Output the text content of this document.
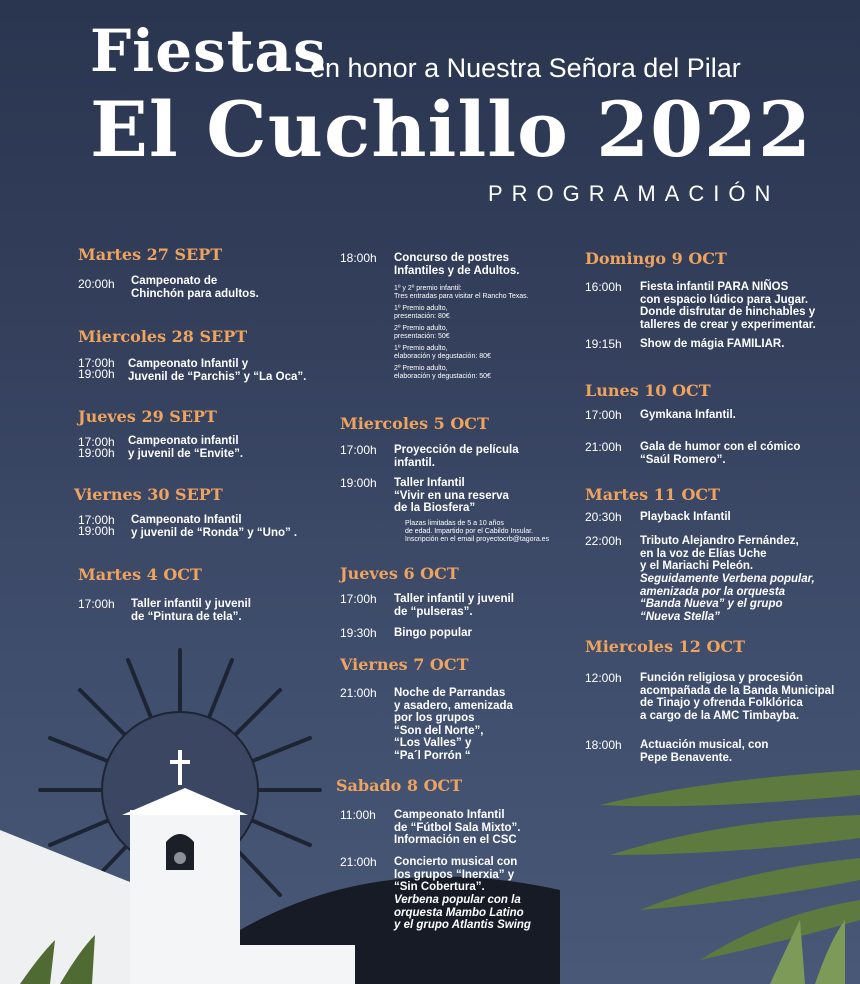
Fiestas
en honor a Nuestra Señora del Pilar
El Cuchillo 2022
PROGRAMACIÓN
Martes 27 SEPT
20:00h Campeonato de
Chinchón para adultos.
Miercoles 28 SEPT
17:00h
19:00h
Campeonato Infantil y
Juvenil de “Parchis” y “La Oca”.
Jueves 29 SEPT
17:00h
19:00h
Campeonato infantil
y juvenil de “Envite”.
Viernes 30 SEPT
17:00h
19:00h
Campeonato Infantil
y juvenil de “Ronda” y “Uno” .
Martes 4 OCT
17:00h Taller infantil y juvenil
de “Pintura de tela”.
18:00h Concurso de postres
Infantiles y de Adultos.
1º y 2º premio infantil:
Tres entradas para visitar el Rancho Texas.
1º Premio adulto,
presentación: 80€
2º Premio adulto,
presentación: 50€
1º Premio adulto,
elaboración y degustación: 80€
2º Premio adulto,
elaboración y degustación: 50€
Miercoles 5 OCT
17:00h Proyección de película
infantil.
19:00h Taller Infantil
“Vivir en una reserva
de la Biosfera”
Plazas limitadas de 5 a 10 años
de edad. Impartido por el Cabildo Insular.
Inscripción en el email proyectocrb@tagora.es
Jueves 6 OCT
17:00h Taller infantil y juvenil
de “pulseras”.
19:30h Bingo popular
Viernes 7 OCT
21:00h Noche de Parrandas
y asadero, amenizada
por los grupos
“Son del Norte”,
“Los Valles” y
“Pa´l Porrón “
Sabado 8 OCT
11:00h Campeonato Infantil
de “Fútbol Sala Mixto”.
Información en el CSC
21:00h Concierto musical con
los grupos “Inerxia” y
“Sin Cobertura”.
Verbena popular con la
orquesta Mambo Latino
y el grupo Atlantis Swing
Domingo 9 OCT
16:00h Fiesta infantil PARA NIÑOS
con espacio lúdico para Jugar.
Donde disfrutar de hinchables y
talleres de crear y experimentar.
19:15h Show de mágia FAMILIAR.
Lunes 10 OCT
17:00h Gymkana Infantil.
21:00h Gala de humor con el cómico
“Saúl Romero”.
Martes 11 OCT
20:30h Playback Infantil
22:00h Tributo Alejandro Fernández,
en la voz de Elías Uche
y el Mariachi Peleón.
Seguidamente Verbena popular,
amenizada por la orquesta
“Banda Nueva” y el grupo
“Nueva Stella”
Miercoles 12 OCT
12:00h Función religiosa y procesión
acompañada de la Banda Municipal
de Tinajo y ofrenda Folklórica
a cargo de la AMC Timbayba.
18:00h Actuación musical, con
Pepe Benavente.
